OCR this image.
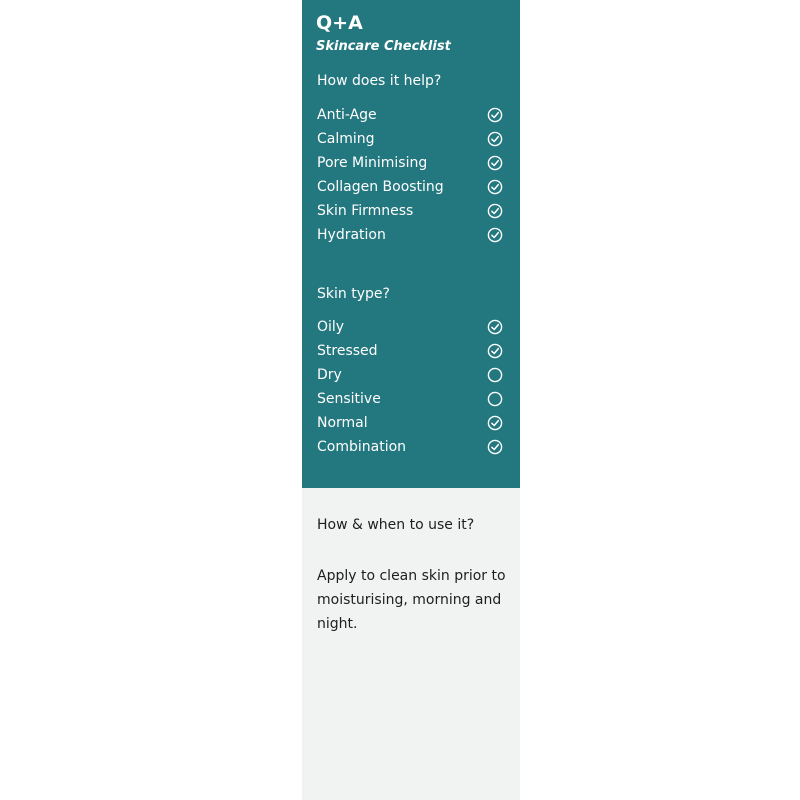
Q+A
Skincare Checklist
How does it help?
Anti-Age
Calming
Pore Minimising
Collagen Boosting
Skin Firmness
Hydration
Skin type?
Oily
Stressed
Dry
Sensitive
Normal
Combination
How & when to use it?
Apply to clean skin prior to moisturising, morning and night.
